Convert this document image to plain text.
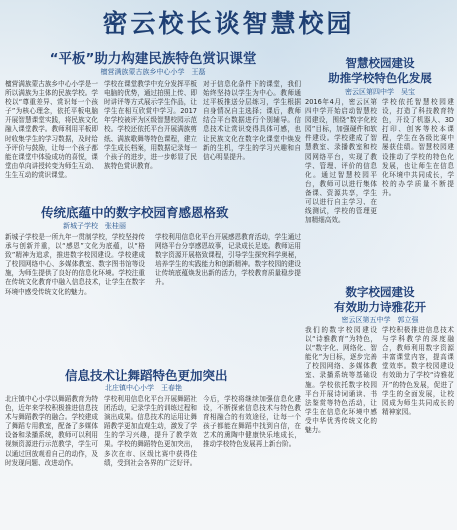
密云校长谈智慧校园
“平板”助力构建民族特色赏识课堂
檀营满族蒙古族乡中心小学　王磊
檀营满族蒙古族乡中心小学是一所以满族为主体的民族学校。学校以“尊重差异、赏识每一个孩子”为核心理念，依托平板电脑开展智慧课堂实践，将民族文化融入课堂教学。教师利用平板即时收集学生的学习数据，及时给予评价与鼓励，让每一个孩子都能在课堂中体验成功的喜悦，课堂由单向讲授转变为师生互动、生生互动的赏识课堂。
学校在课堂教学中充分发挥平板电脑的优势，通过拍照上传、即时讲评等方式展示学生作品，让学生在相互欣赏中学习。2017年学校被评为区级智慧校园示范校。学校还依托平台开展满族剪纸、满族歌舞等特色课程，建立学生成长档案，用数据记录每一个孩子的进步，进一步彰显了民族特色赏识教育。
对于信息化条件下的课堂，我们始终坚持以学生为中心。教师通过平板推送分层练习，学生根据自身情况自主选择；课后，教师结合平台数据进行个别辅导。信息技术让赏识变得具体可感，也让民族文化在数字化课堂中焕发新的生机，学生的学习兴趣和自信心明显提升。
智慧校园建设
助推学校特色化发展
密云区第四中学　吴宝
2016年4月，密云区第四中学开始启动智慧校园建设，围绕“数字化校园”目标，加强硬件和软件建设。学校建成了智慧教室、录播教室和校园网络平台，实现了教学、管理、评价的信息化。通过智慧校园平台，教师可以进行集体备课、资源共享，学生可以进行自主学习、在线测试，学校的管理更加精细高效。
学校依托智慧校园建设，打造了科技教育特色，开设了机器人、3D打印、创客等校本课程，学生在各级比赛中屡获佳绩。智慧校园建设推动了学校的特色化发展，也让师生在信息化环境中共同成长，学校的办学质量不断提升。
传统底蕴中的数字校园育感恩格致
新城子学校　张桂丽
新城子学校是一所九年一贯制学校，学校坚持传承与创新并重，以“感恩”文化为底蕴，以“格致”精神为追求，推进数字校园建设。学校建成了校园网络中心、多媒体教室、数字图书馆等设施，为师生提供了良好的信息化环境。学校注重在传统文化教育中融入信息技术，让学生在数字环境中感受传统文化的魅力。
学校利用信息化平台开展感恩教育活动，学生通过网络平台分享感恩故事，记录成长足迹。教师运用数字资源开展格致课程，引导学生探究科学奥秘，培养学生的实践能力和创新精神。数字校园的建设让传统底蕴焕发出新的活力，学校教育质量稳步提升。
数字校园建设
有效助力诗雅花开
密云区第五中学　郭立强
我们的数字校园建设以“诗雅教育”为特色，以“数字化、网络化、智能化”为目标，逐步完善了校园网络、多媒体教室、录播系统等基础设施。学校依托数字校园平台开展诗词诵读、书法鉴赏等特色活动，让学生在信息化环境中感受中华优秀传统文化的魅力。
学校积极推进信息技术与学科教学的深度融合，教师利用数字资源丰富课堂内容，提高课堂效率。数字校园建设有效助力了学校“诗雅花开”的特色发展，促进了学生的全面发展，让校园成为师生共同成长的精神家园。
信息技术让舞蹈特色更加突出
北庄镇中心小学　王春艳
北庄镇中心小学以舞蹈教育为特色，近年来学校积极推进信息技术与舞蹈教学的融合。学校建成了舞蹈专用教室，配备了多媒体设备和录播系统，教师可以利用视频资源进行示范教学，学生可以通过回放观看自己的动作，及时发现问题、改进动作。
学校利用信息化平台开展舞蹈社团活动，记录学生的训练过程和演出成果。信息技术的运用让舞蹈教学更加直观生动，激发了学生的学习兴趣，提升了教学效果。学校的舞蹈特色更加突出，多次在市、区级比赛中获得佳绩，受到社会各界的广泛好评。
今后，学校将继续加强信息化建设，不断探索信息技术与特色教育相融合的有效途径，让每一个孩子都能在舞蹈中找到自信，在艺术的熏陶中健康快乐地成长，推动学校特色发展再上新台阶。
